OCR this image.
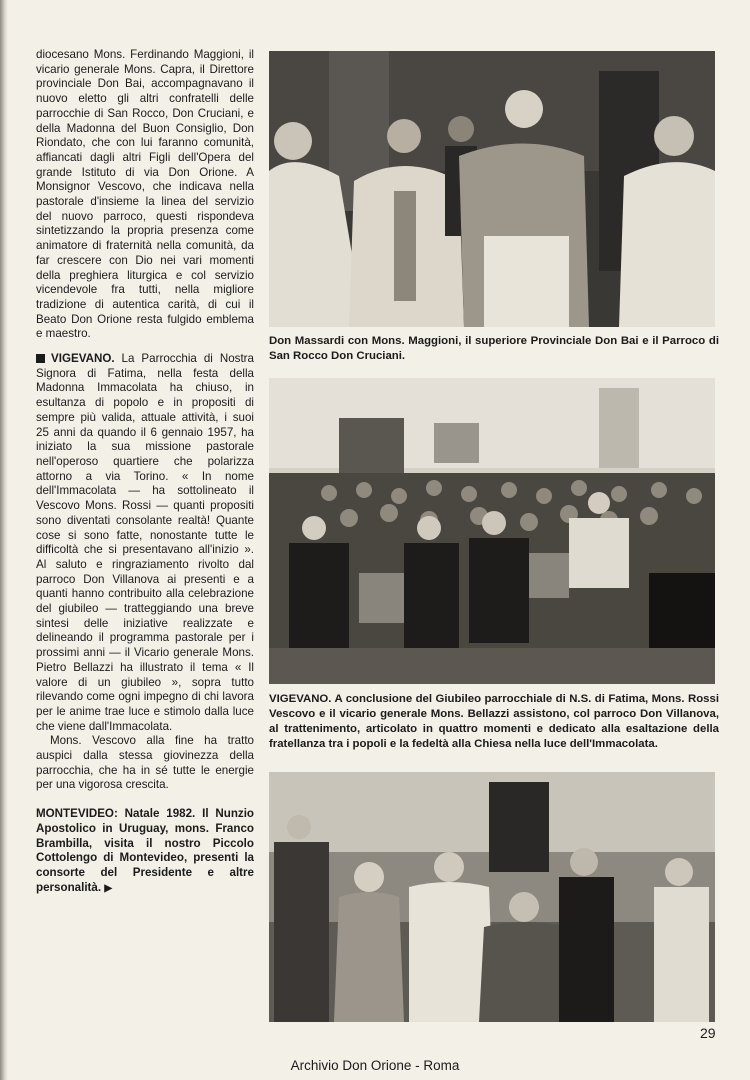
diocesano Mons. Ferdinando Maggioni, il vicario generale Mons. Capra, il Direttore provinciale Don Bai, accompagnavano il nuovo eletto gli altri confratelli delle parrocchie di San Rocco, Don Cruciani, e della Madonna del Buon Consiglio, Don Riondato, che con lui faranno comunità, affiancati dagli altri Figli dell'Opera del grande Istituto di via Don Orione. A Monsignor Vescovo, che indicava nella pastorale d'insieme la linea del servizio del nuovo parroco, questi rispondeva sintetizzando la propria presenza come animatore di fraternità nella comunità, da far crescere con Dio nei vari momenti della preghiera liturgica e col servizio vicendevole fra tutti, nella migliore tradizione di autentica carità, di cui il Beato Don Orione resta fulgido emblema e maestro.

VIGEVANO. La Parrocchia di Nostra Signora di Fatima, nella festa della Madonna Immacolata ha chiuso, in esultanza di popolo e in propositi di sempre più valida, attuale attività, i suoi 25 anni da quando il 6 gennaio 1957, ha iniziato la sua missione pastorale nell'operoso quartiere che polarizza attorno a via Torino. « In nome dell'Immacolata — ha sottolineato il Vescovo Mons. Rossi — quanti propositi sono diventati consolante realtà! Quante cose si sono fatte, nonostante tutte le difficoltà che si presentavano all'inizio ». Al saluto e ringraziamento rivolto dal parroco Don Villanova ai presenti e a quanti hanno contribuito alla celebrazione del giubileo — tratteggiando una breve sintesi delle iniziative realizzate e delineando il programma pastorale per i prossimi anni — il Vicario generale Mons. Pietro Bellazzi ha illustrato il tema « Il valore di un giubileo », sopra tutto rilevando come ogni impegno di chi lavora per le anime trae luce e stimolo dalla luce che viene dall'Immacolata.

Mons. Vescovo alla fine ha tratto auspici dalla stessa giovinezza della parrocchia, che ha in sé tutte le energie per una vigorosa crescita.

MONTEVIDEO: Natale 1982. Il Nunzio Apostolico in Uruguay, mons. Franco Brambilla, visita il nostro Piccolo Cottolengo di Montevideo, presenti la consorte del Presidente e altre personalità. ▶

Don Massardi con Mons. Maggioni, il superiore Provinciale Don Bai e il Parroco di San Rocco Don Cruciani.
VIGEVANO. A conclusione del Giubileo parrocchiale di N.S. di Fatima, Mons. Rossi Vescovo e il vicario generale Mons. Bellazzi assistono, col parroco Don Villanova, al trattenimento, articolato in quattro momenti e dedicato alla esaltazione della fratellanza tra i popoli e la fedeltà alla Chiesa nella luce dell'Immacolata.
29
Archivio Don Orione - Roma
